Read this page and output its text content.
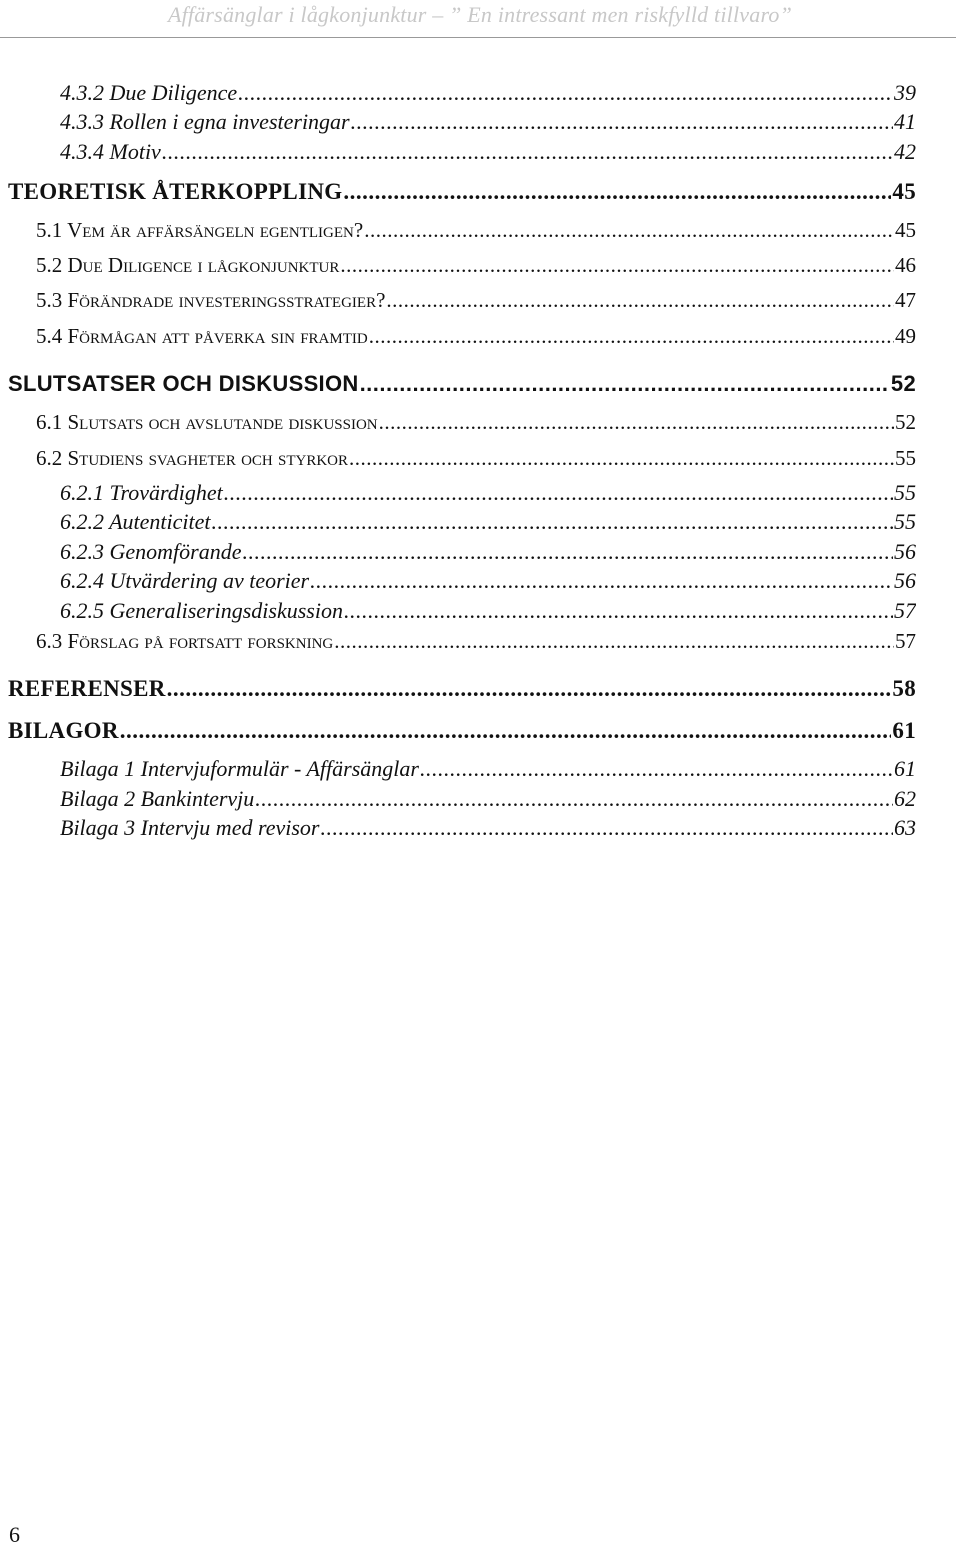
Affärsänglar i lågkonjunktur – ” En intressant men riskfylld tillvaro”
4.3.2 Due Diligence .....	39
4.3.3 Rollen i egna investeringar .....	41
4.3.4 Motiv .....	42
TEORETISK ÅTERKOPPLING .....	45
5.1 Vem är affärsängeln egentligen? .....	45
5.2 Due Diligence i lågkonjunktur .....	46
5.3 Förändrade investeringsstrategier? .....	47
5.4 Förmågan att påverka sin framtid .....	49
SLUTSATSER OCH DISKUSSION .....	52
6.1 Slutsats och avslutande diskussion .....	52
6.2 Studiens svagheter och styrkor .....	55
6.2.1 Trovärdighet .....	55
6.2.2 Autenticitet .....	55
6.2.3 Genomförande .....	56
6.2.4 Utvärdering av teorier .....	56
6.2.5 Generaliseringsdiskussion .....	57
6.3 Förslag på fortsatt forskning .....	57
REFERENSER .....	58
BILAGOR .....	61
Bilaga 1 Intervjuformulär - Affärsänglar .....	61
Bilaga 2 Bankintervju .....	62
Bilaga 3 Intervju med revisor .....	63
6
